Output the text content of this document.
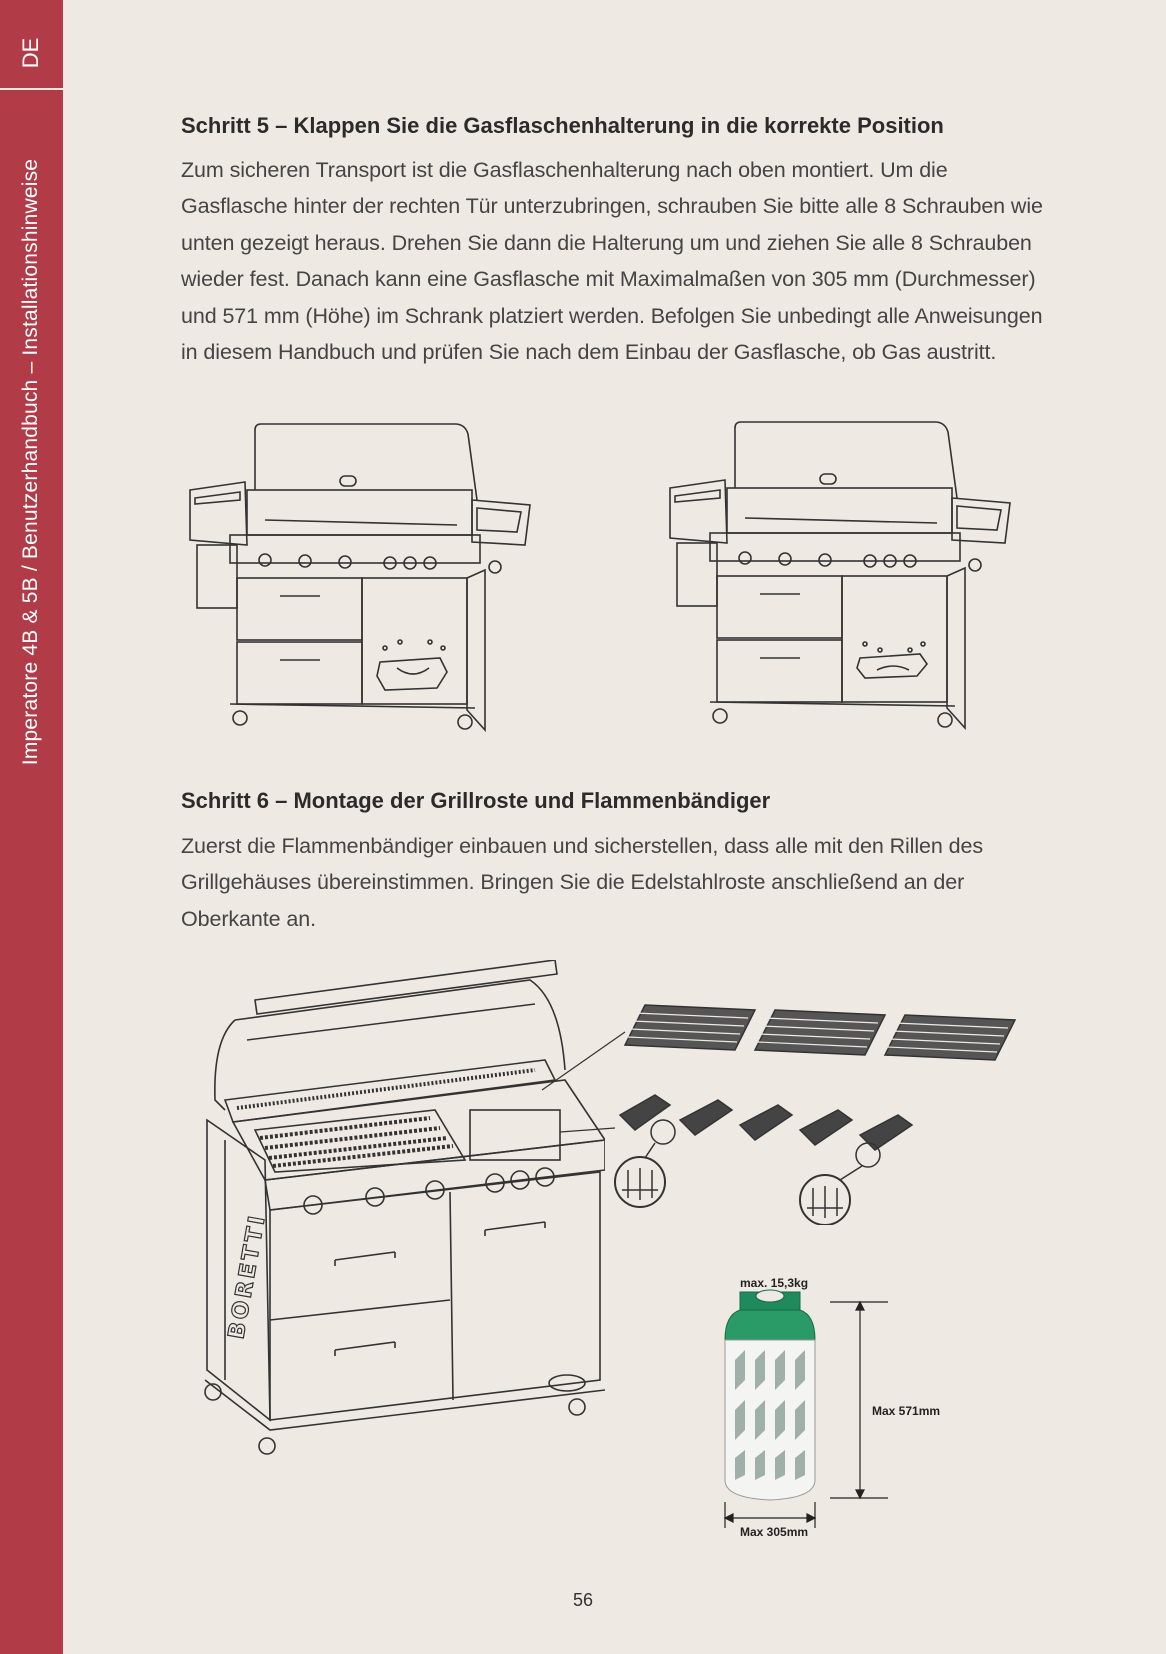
DE
Imperatore 4B & 5B / Benutzerhandbuch – Installationshinweise
Schritt 5 – Klappen Sie die Gasflaschenhalterung in die korrekte Position

Zum sicheren Transport ist die Gasflaschenhalterung nach oben montiert. Um die Gasflasche hinter der rechten Tür unterzubringen, schrauben Sie bitte alle 8 Schrauben wie unten gezeigt heraus. Drehen Sie dann die Halterung um und ziehen Sie alle 8 Schrauben wieder fest. Danach kann eine Gasflasche mit Maximalmaßen von 305 mm (Durchmesser) und 571 mm (Höhe) im Schrank platziert werden. Befolgen Sie unbedingt alle Anweisungen in diesem Handbuch und prüfen Sie nach dem Einbau der Gasflasche, ob Gas austritt.

Schritt 6 – Montage der Grillroste und Flammenbändiger

Zuerst die Flammenbändiger einbauen und sicherstellen, dass alle mit den Rillen des Grillgehäuses übereinstimmen. Bringen Sie die Edelstahlroste anschließend an der Oberkante an.

BORETTI	max. 15,3kg
Max 571mm
Max 305mm
56
